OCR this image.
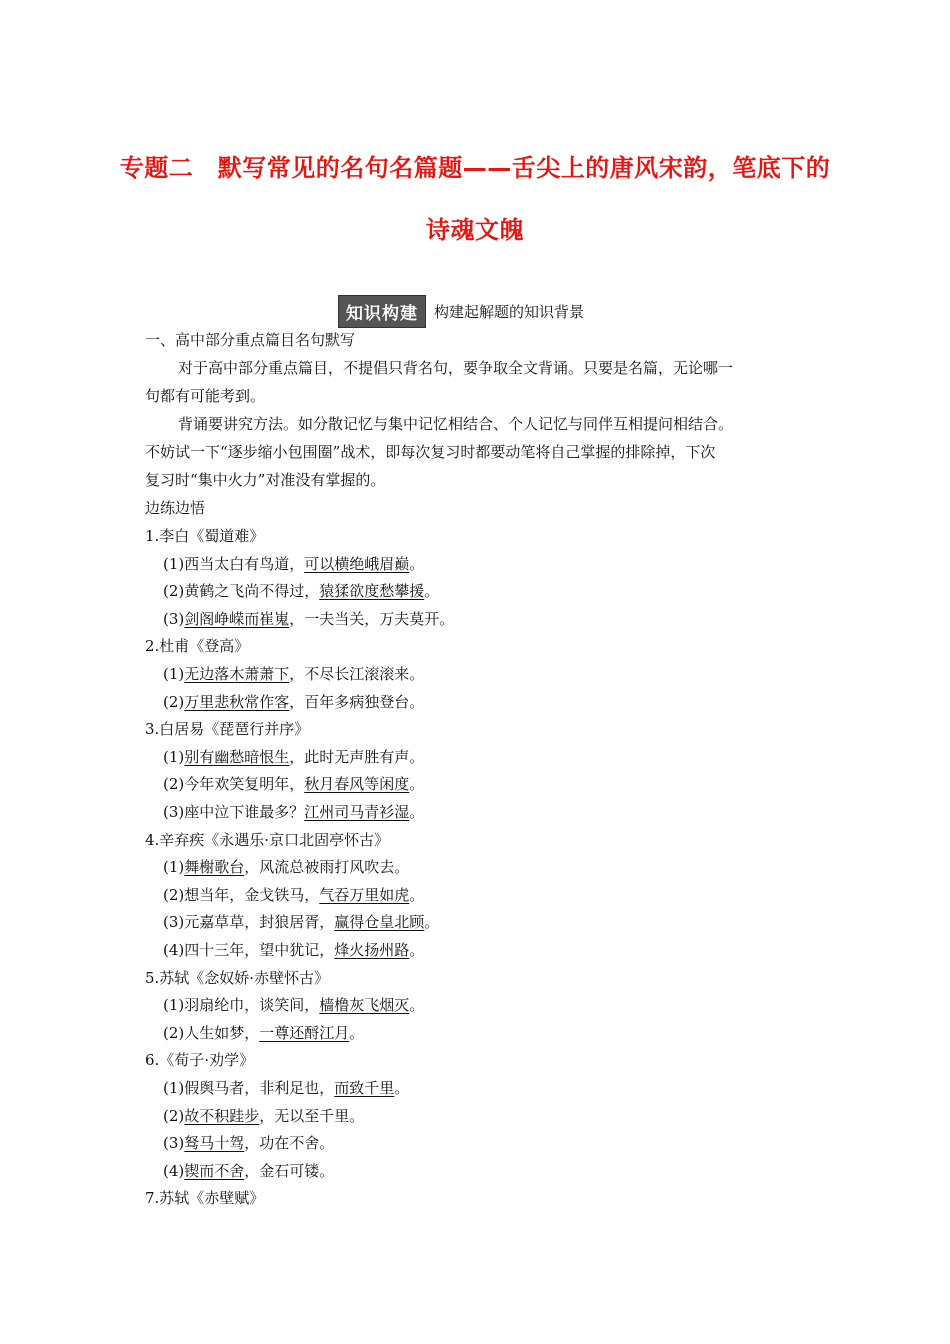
专题二　默写常见的名句名篇题——舌尖上的唐风宋韵，笔底下的
诗魂文魄
知识构建	构建起解题的知识背景
一、高中部分重点篇目名句默写
对于高中部分重点篇目，不提倡只背名句，要争取全文背诵。只要是名篇，无论哪一
句都有可能考到。
背诵要讲究方法。如分散记忆与集中记忆相结合、个人记忆与同伴互相提问相结合。
不妨试一下“逐步缩小包围圈”战术，即每次复习时都要动笔将自己掌握的排除掉，下次
复习时“集中火力”对准没有掌握的。
边练边悟
1.李白《蜀道难》
(1)西当太白有鸟道，可以横绝峨眉巅。
(2)黄鹤之飞尚不得过，猿猱欲度愁攀援。
(3)剑阁峥嵘而崔嵬，一夫当关，万夫莫开。
2.杜甫《登高》
(1)无边落木萧萧下，不尽长江滚滚来。
(2)万里悲秋常作客，百年多病独登台。
3.白居易《琵琶行并序》
(1)别有幽愁暗恨生，此时无声胜有声。
(2)今年欢笑复明年，秋月春风等闲度。
(3)座中泣下谁最多？江州司马青衫湿。
4.辛弃疾《永遇乐·京口北固亭怀古》
(1)舞榭歌台，风流总被雨打风吹去。
(2)想当年，金戈铁马，气吞万里如虎。
(3)元嘉草草，封狼居胥，赢得仓皇北顾。
(4)四十三年，望中犹记，烽火扬州路。
5.苏轼《念奴娇·赤壁怀古》
(1)羽扇纶巾，谈笑间，樯橹灰飞烟灭。
(2)人生如梦，一尊还酹江月。
6.《荀子·劝学》
(1)假舆马者，非利足也，而致千里。
(2)故不积跬步，无以至千里。
(3)驽马十驾，功在不舍。
(4)锲而不舍，金石可镂。
7.苏轼《赤壁赋》
